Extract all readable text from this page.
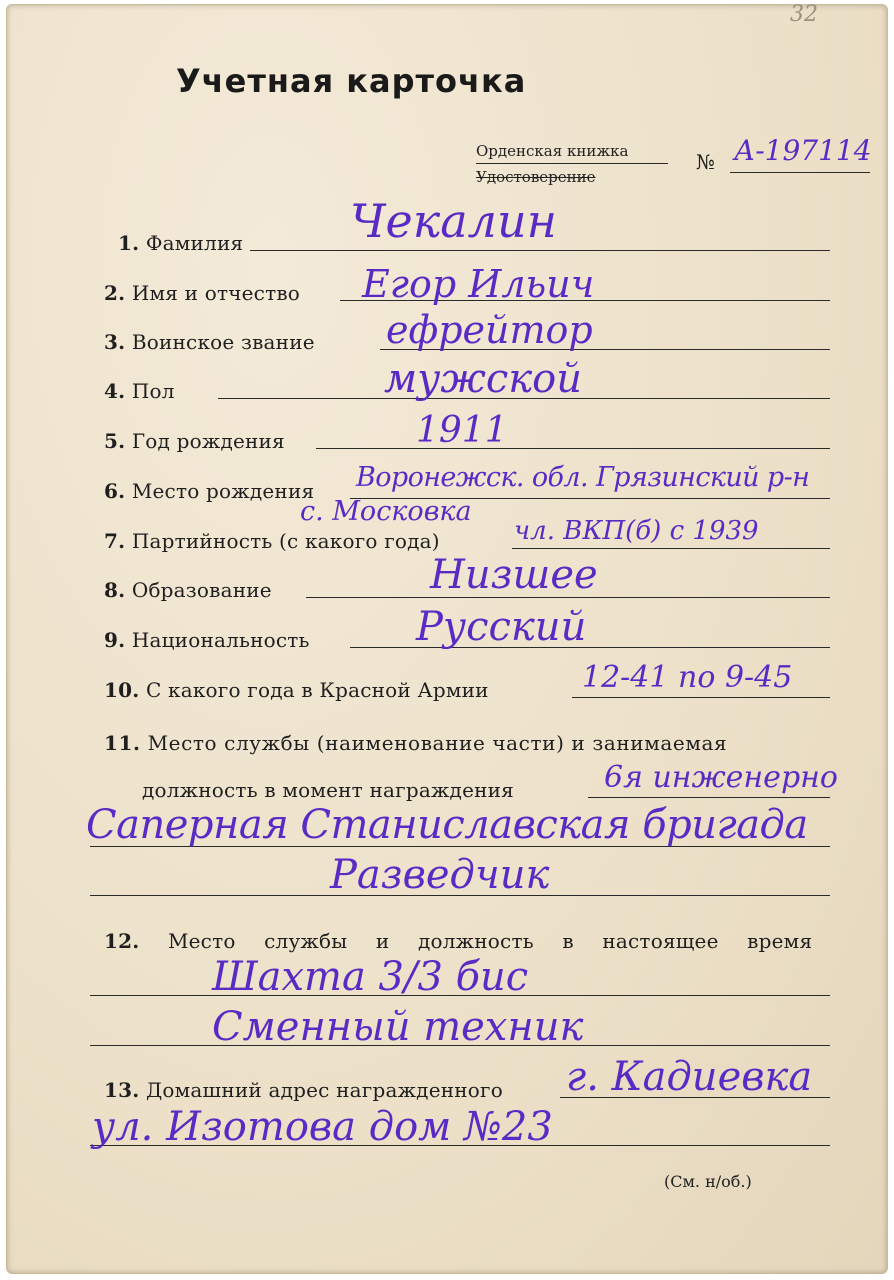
32
Учетная карточка
Орденская книжка
Удостоверение
№ А-197114
1. Фамилия Чекалин
2. Имя и отчество Егор Ильич
3. Воинское звание ефрейтор
4. Пол	мужской
5. Год рождения	1911
6. Место рождения Воронежск. обл. Грязинский р-н
с. Московка
7. Партийность (с какого года)	чл. ВКП(б) с 1939
8. Образование	Низшее
9. Национальность	Русский
10. С какого года в Красной Армии	12-41 по 9-45
11. Место службы (наименование части) и занимаемая
должность в момент награждения	6я инженерно
Саперная Станиславская бригада
Разведчик
12. Место службы и должность в настоящее время
Шахта 3/3 бис
Сменный техник
13. Домашний адрес награжденного г. Кадиевка
ул. Изотова дом №23
(См. н/об.)
